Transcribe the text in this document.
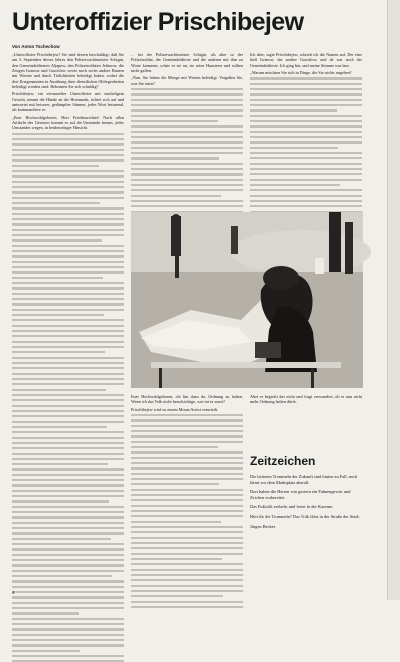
Unteroffizier Prischibejew
Von Anton Tschechow

„Unteroffizier Prischibejew! Sie sind dessen beschuldigt, daß Sie am 3. September dieses Jahres den Polizeiwachtmeister Schigin, den Gemeindeältesten Aljapow, den Polizeisoldaten Jefimow, die Zeugen Iwanow und Gawrilow sowie noch sechs andere Bauern mit Worten und durch Tätlichkeiten beleidigt haben, wobei die drei Erstgenannten in Ausübung ihrer dienstlichen Obliegenheiten beleidigt worden sind. Bekennen Sie sich schuldig?

Prischibejew, ein verrunzelter Unteroffizier mit stacheligem Gesicht, nimmt die Hände an die Hosennaht, richtet sich auf und antwortet mit heiserer, gedämpfter Stimme, jedes Wort betonend, als kommandiere er:

„Euer Hochwohlgeboren, Herr Friedensrichter! Nach allen Artikeln des Gesetzes kommt es auf die Umstände heraus, jedes Umstandes wegen, in beiderseitiger Hinsicht.

... bei der Polizeiwachtmeister Schigin, als aber so der Polizeisoldat, der Gemeindeälteste und die anderen mit ihm zu Worte kommen, schrie er sie an, sie seien Hausierer und sollten nicht gaffen.

„Nun, Sie haben die Menge mit Worten beleidigt. Vergaßen Sie, was Sie taten?

Ich aber, sagte Prischibejew, schrieb ich die Namen auf. Der eine hieß Iwanow, der andere Gawrilow, und da war noch der Gemeindeälteste. Ich ging hin, und meine Stimme war laut.

„Warum mischten Sie sich in Dinge, die Sie nichts angehen?

Euer Hochwohlgeboren, ich bin dazu da, Ordnung zu halten. Wenn ich das Volk nicht beaufsichtige, wer tut es sonst?

Prischibejew wird zu einem Monat Arrest verurteilt.

Aber er begreift das nicht und fragt verwundert, ob er nun nicht mehr Ordnung halten dürfe.

Zeitzeichen

Die heiteren Trommeln der Zukunft sind hinten zu Fall, noch lärmt vor dem Marktplatz aberall.

Dort haben die Herren von gestern ein Fahnengewirr und Zeichen vorbereitet.

Das Fußvolk zerlacht und feiert in der Kaserne.

Hört ihr die Trommeln? Das Volk fährt in der Straße der Stadt.

Jürgen Becker

4
